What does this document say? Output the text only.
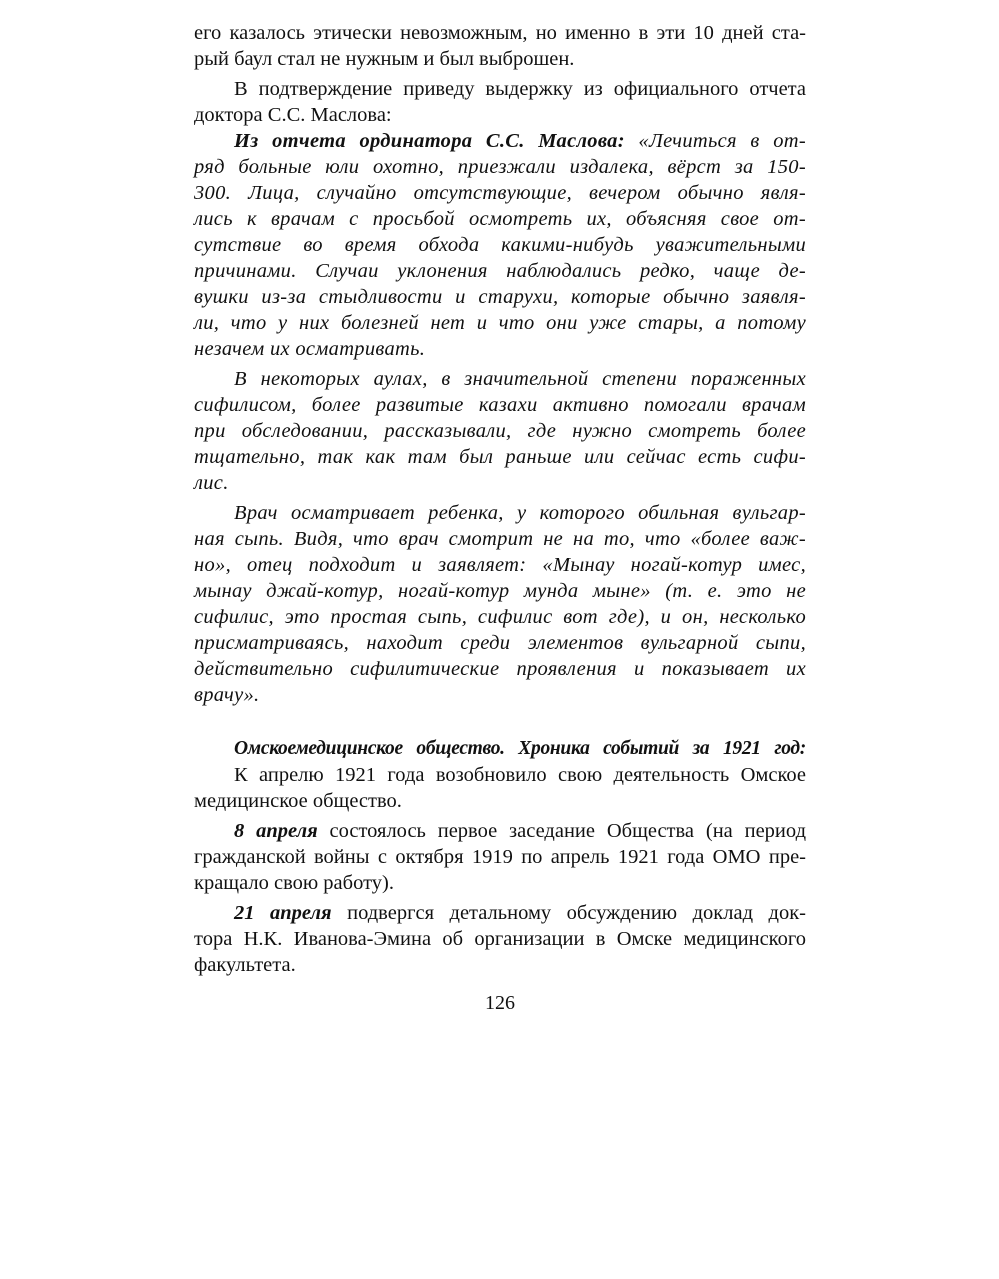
его казалось этически невозможным, но именно в эти 10 дней ста-
рый баул стал не нужным и был выброшен.
В подтверждение приведу выдержку из официального отчета
доктора С.С. Маслова:
Из отчета ординатора С.С. Маслова: «Лечиться в от-
ряд больные юли охотно, приезжали издалека, вёрст за 150-
300. Лица, случайно отсутствующие, вечером обычно явля-
лись к врачам с просьбой осмотреть их, объясняя свое от-
сутствие во время обхода какими-нибудь уважительными
причинами. Случаи уклонения наблюдались редко, чаще де-
вушки из-за стыдливости и старухи, которые обычно заявля-
ли, что у них болезней нет и что они уже стары, а потому
незачем их осматривать.
В некоторых аулах, в значительной степени пораженных
сифилисом, более развитые казахи активно помогали врачам
при обследовании, рассказывали, где нужно смотреть более
тщательно, так как там был раньше или сейчас есть сифи-
лис.
Врач осматривает ребенка, у которого обильная вульгар-
ная сыпь. Видя, что врач смотрит не на то, что «более важ-
но», отец подходит и заявляет: «Мынау ногай-котур имес,
мынау джай-котур, ногай-котур мунда мыне» (т. е. это не
сифилис, это простая сыпь, сифилис вот где), и он, несколько
присматриваясь, находит среди элементов вульгарной сыпи,
действительно сифилитические проявления и показывает их
врачу».
Омскоемедицинское общество. Хроника событий за 1921 год:
К апрелю 1921 года возобновило свою деятельность Омское
медицинское общество.
8 апреля состоялось первое заседание Общества (на период
гражданской войны с октября 1919 по апрель 1921 года ОМО пре-
кращало свою работу).
21 апреля подвергся детальному обсуждению доклад док-
тора Н.К. Иванова-Эмина об организации в Омске медицинского
факультета.
126
